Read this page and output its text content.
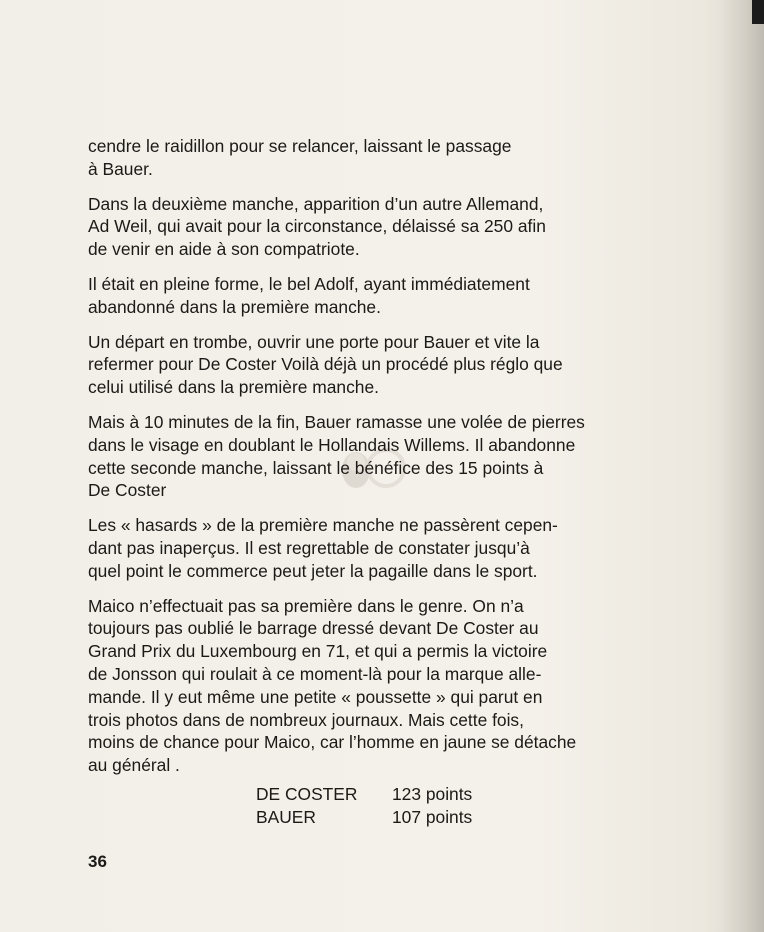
cendre le raidillon pour se relancer, laissant le passage
à Bauer.

Dans la deuxième manche, apparition d’un autre Allemand,
Ad Weil, qui avait pour la circonstance, délaissé sa 250 afin
de venir en aide à son compatriote.

Il était en pleine forme, le bel Adolf, ayant immédiatement
abandonné dans la première manche.

Un départ en trombe, ouvrir une porte pour Bauer et vite la
refermer pour De Coster Voilà déjà un procédé plus réglo que
celui utilisé dans la première manche.

Mais à 10 minutes de la fin, Bauer ramasse une volée de pierres
dans le visage en doublant le Hollandais Willems. Il abandonne
cette seconde manche, laissant le bénéfice des 15 points à
De Coster

Les « hasards » de la première manche ne passèrent cepen-
dant pas inaperçus. Il est regrettable de constater jusqu’à
quel point le commerce peut jeter la pagaille dans le sport.

Maico n’effectuait pas sa première dans le genre. On n’a
toujours pas oublié le barrage dressé devant De Coster au
Grand Prix du Luxembourg en 71, et qui a permis la victoire
de Jonsson qui roulait à ce moment-là pour la marque alle-
mande. Il y eut même une petite « poussette » qui parut en
trois photos dans de nombreux journaux. Mais cette fois,
moins de chance pour Maico, car l’homme en jaune se détache
au général .

DE COSTER	123 points
BAUER	107 points
36
